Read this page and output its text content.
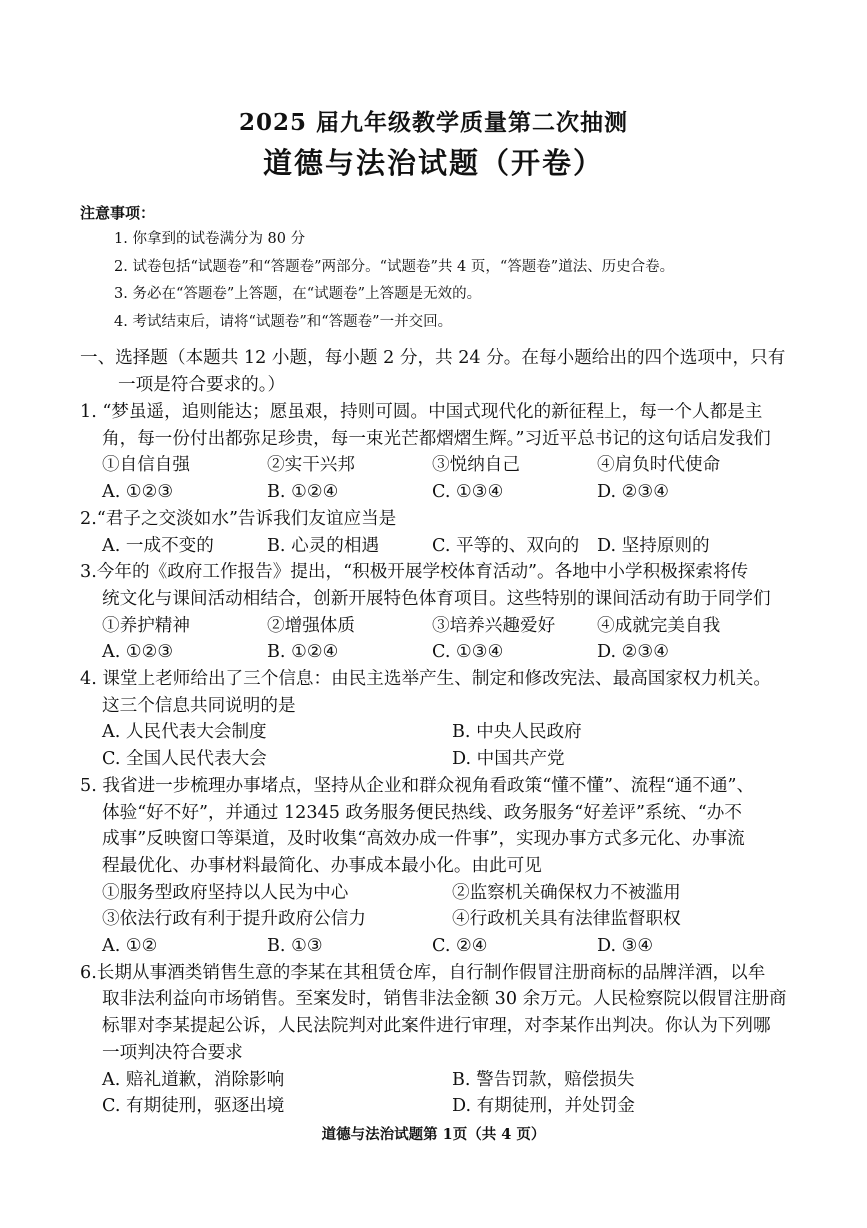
2025 届九年级教学质量第二次抽测
道德与法治试题（开卷）
注意事项：
1. 你拿到的试卷满分为 80 分
2. 试卷包括“试题卷”和“答题卷”两部分。“试题卷”共 4 页，“答题卷”道法、历史合卷。
3. 务必在“答题卷”上答题，在“试题卷”上答题是无效的。
4. 考试结束后，请将“试题卷”和“答题卷”一并交回。
一、选择题（本题共 12 小题，每小题 2 分，共 24 分。在每小题给出的四个选项中，只有
一项是符合要求的。）
1. “梦虽遥，追则能达；愿虽艰，持则可圆。中国式现代化的新征程上，每一个人都是主
角，每一份付出都弥足珍贵，每一束光芒都熠熠生辉。”习近平总书记的这句话启发我们
①自信自强	②实干兴邦	③悦纳自己	④肩负时代使命
A. ①②③	B. ①②④	C. ①③④	D. ②③④
2.“君子之交淡如水”告诉我们友谊应当是
A. 一成不变的	B. 心灵的相遇	C. 平等的、双向的	D. 坚持原则的
3.今年的《政府工作报告》提出，“积极开展学校体育活动”。各地中小学积极探索将传
统文化与课间活动相结合，创新开展特色体育项目。这些特别的课间活动有助于同学们
①养护精神	②增强体质	③培养兴趣爱好	④成就完美自我
A. ①②③	B. ①②④	C. ①③④	D. ②③④
4. 课堂上老师给出了三个信息：由民主选举产生、制定和修改宪法、最高国家权力机关。
这三个信息共同说明的是
A. 人民代表大会制度	B. 中央人民政府
C. 全国人民代表大会	D. 中国共产党
5. 我省进一步梳理办事堵点，坚持从企业和群众视角看政策“懂不懂”、流程“通不通”、
体验“好不好”，并通过 12345 政务服务便民热线、政务服务“好差评”系统、“办不
成事”反映窗口等渠道，及时收集“高效办成一件事”，实现办事方式多元化、办事流
程最优化、办事材料最简化、办事成本最小化。由此可见
①服务型政府坚持以人民为中心	②监察机关确保权力不被滥用
③依法行政有利于提升政府公信力	④行政机关具有法律监督职权
A. ①②	B. ①③	C. ②④	D. ③④
6.长期从事酒类销售生意的李某在其租赁仓库，自行制作假冒注册商标的品牌洋酒，以牟
取非法利益向市场销售。至案发时，销售非法金额 30 余万元。人民检察院以假冒注册商
标罪对李某提起公诉，人民法院判对此案件进行审理，对李某作出判决。你认为下列哪
一项判决符合要求
A. 赔礼道歉，消除影响	B. 警告罚款，赔偿损失
C. 有期徒刑，驱逐出境	D. 有期徒刑，并处罚金
道德与法治试题第 1页（共 4 页）
